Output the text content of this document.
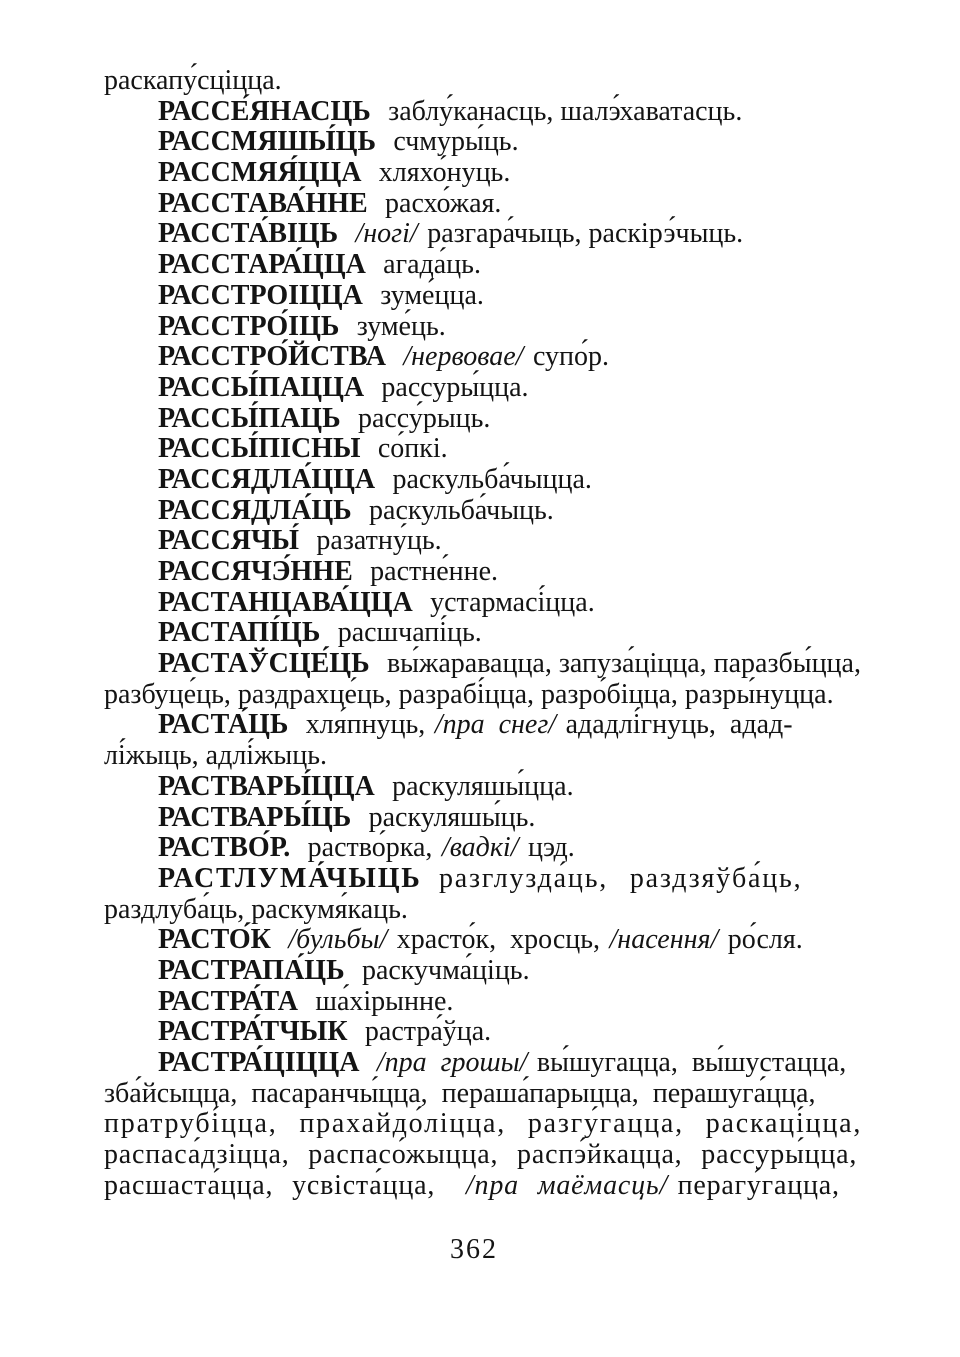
раскапу́сціцца.
РАССЕ́ЯНАСЦЬ заблу́канасць, шалэ́хаватасць.
РАССМЯШЫ́ЦЬ счмуры́ць.
РАССМЯЯ́ЦЦА хляхо́нуць.
РАССТАВА́ННЕ расхо́жая.
РАССТА́ВІЦЬ /ногі/ разгара́чыць, раскірэ́чыць.
РАССТАРА́ЦЦА агада́ць.
РАССТРОІЦЦА зуме́цца.
РАССТРО́ІЦЬ зуме́ць.
РАССТРО́ЙСТВА /нервовае/ супо́р.
РАССЫ́ПАЦЦА рассуры́цца.
РАССЫ́ПАЦЬ рассу́рыць.
РАССЫ́ПІСНЫ со́пкі.
РАССЯДЛА́ЦЦА раскульба́чыцца.
РАССЯДЛА́ЦЬ раскульба́чыць.
РАССЯЧЫ́ разатну́ць.
РАССЯЧЭ́ННЕ растне́нне.
РАСТАНЦАВА́ЦЦА устармасі́цца.
РАСТАПІ́ЦЬ расшчапі́ць.
РАСТАЎСЦЕ́ЦЬ вы́жаравацца, запуза́ціцца, паразбы́цца,
разбуце́ць, раздрахце́ць, разрабі́цца, разро́біцца, разры́нуцца.
РАСТА́ЦЬ хля́пнуць, /пра снег/ ададлі́гнуць, адад-
лі́жыць, адлі́жыць.
РАСТВАРЫ́ЦЦА раскуляшы́цца.
РАСТВАРЫ́ЦЬ раскуляшы́ць.
РАСТВО́Р. раство́рка, /вадкі/ цэд.
РАСТЛУМА́ЧЫЦЬ разглузда́ць, раздзяўба́ць,
раздлуба́ць, раскумя́каць.
РАСТО́К /бульбы/ храсто́к, хросць, /насення/ ро́сля.
РАСТРАПА́ЦЬ раскучма́ціць.
РАСТРА́ТА ша́хірынне.
РАСТРА́ТЧЫК растра́ўца.
РАСТРА́ЦІЦЦА /пра грошы/ вы́шугацца, вы́шустацца,
зба́йсыцца, пасаранчы́цца, пераша́парыцца, перашуга́цца,
пратрубі́цца, прахайдо́ліцца, разгу́гацца, раскаці́цца,
распаса́дзіцца, распасо́жыцца, распэ́йкацца, рассуры́цца,
расшаста́цца, усвіста́цца, /пра маёмасць/ перагу́гацца,
362
